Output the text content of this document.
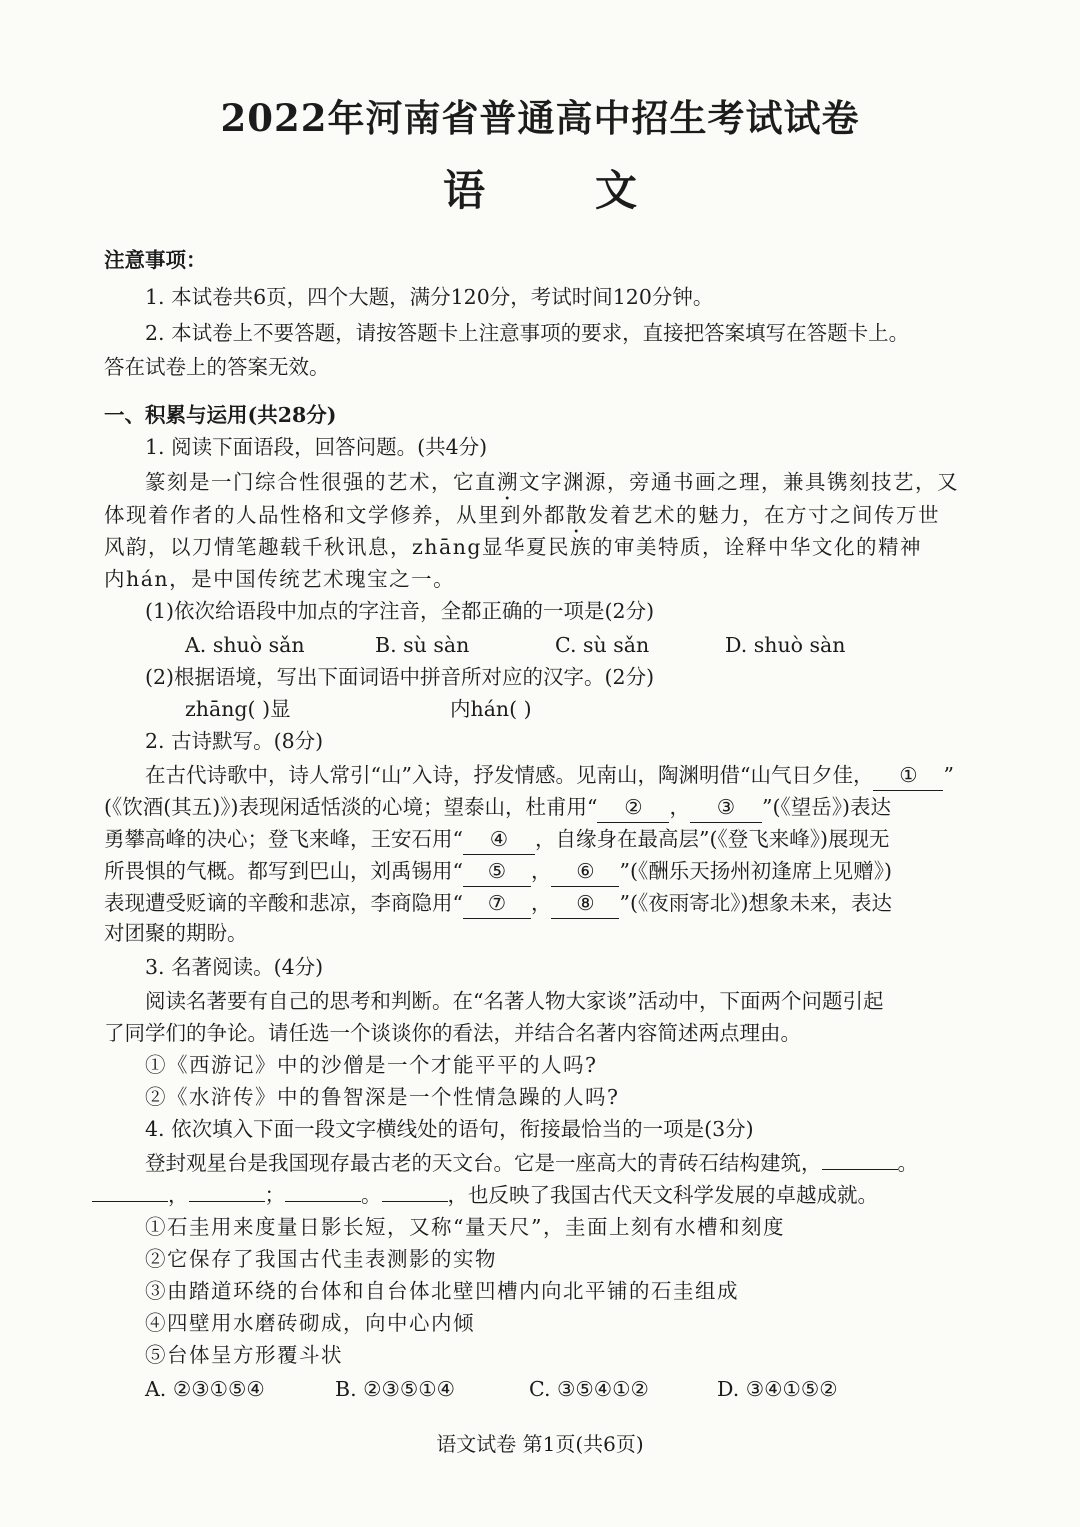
2022年河南省普通高中招生考试试卷
语文
注意事项：
1. 本试卷共6页，四个大题，满分120分，考试时间120分钟。
2. 本试卷上不要答题，请按答题卡上注意事项的要求，直接把答案填写在答题卡上。
答在试卷上的答案无效。
一、积累与运用(共28分)
1. 阅读下面语段，回答问题。(共4分)
篆刻是一门综合性很强的艺术，它直溯文字渊源，旁通书画之理，兼具镌刻技艺，又
体现着作者的人品性格和文学修养，从里到外都散发着艺术的魅力，在方寸之间传万世
风韵，以刀情笔趣载千秋讯息，zhāng显华夏民族的审美特质，诠释中华文化的精神
内hán，是中国传统艺术瑰宝之一。
(1)依次给语段中加点的字注音，全都正确的一项是(2分)
A. shuò sǎn	B. sù sàn	C. sù sǎn	D. shuò sàn
(2)根据语境，写出下面词语中拼音所对应的汉字。(2分)
zhāng( )显	内hán( )
2. 古诗默写。(8分)
在古代诗歌中，诗人常引“山”入诗，抒发情感。见南山，陶渊明借“山气日夕佳， ① ”
(《饮酒(其五)》)表现闲适恬淡的心境；望泰山，杜甫用“ ② ， ③ ”(《望岳》)表达
勇攀高峰的决心；登飞来峰，王安石用“ ④ ，自缘身在最高层”(《登飞来峰》)展现无
所畏惧的气概。都写到巴山，刘禹锡用“ ⑤ ， ⑥ ”(《酬乐天扬州初逢席上见赠》)
表现遭受贬谪的辛酸和悲凉，李商隐用“ ⑦ ， ⑧ ”(《夜雨寄北》)想象未来，表达
对团聚的期盼。
3. 名著阅读。(4分)
阅读名著要有自己的思考和判断。在“名著人物大家谈”活动中，下面两个问题引起
了同学们的争论。请任选一个谈谈你的看法，并结合名著内容简述两点理由。
①《西游记》中的沙僧是一个才能平平的人吗?
②《水浒传》中的鲁智深是一个性情急躁的人吗?
4. 依次填入下面一段文字横线处的语句，衔接最恰当的一项是(3分)
登封观星台是我国现存最古老的天文台。它是一座高大的青砖石结构建筑，	。
，	；	。	，也反映了我国古代天文科学发展的卓越成就。
①石圭用来度量日影长短，又称“量天尺”，圭面上刻有水槽和刻度
②它保存了我国古代圭表测影的实物
③由踏道环绕的台体和自台体北壁凹槽内向北平铺的石圭组成
④四壁用水磨砖砌成，向中心内倾
⑤台体呈方形覆斗状
A. ②③①⑤④	B. ②③⑤①④	C. ③⑤④①②	D. ③④①⑤②
语文试卷 第1页(共6页)
